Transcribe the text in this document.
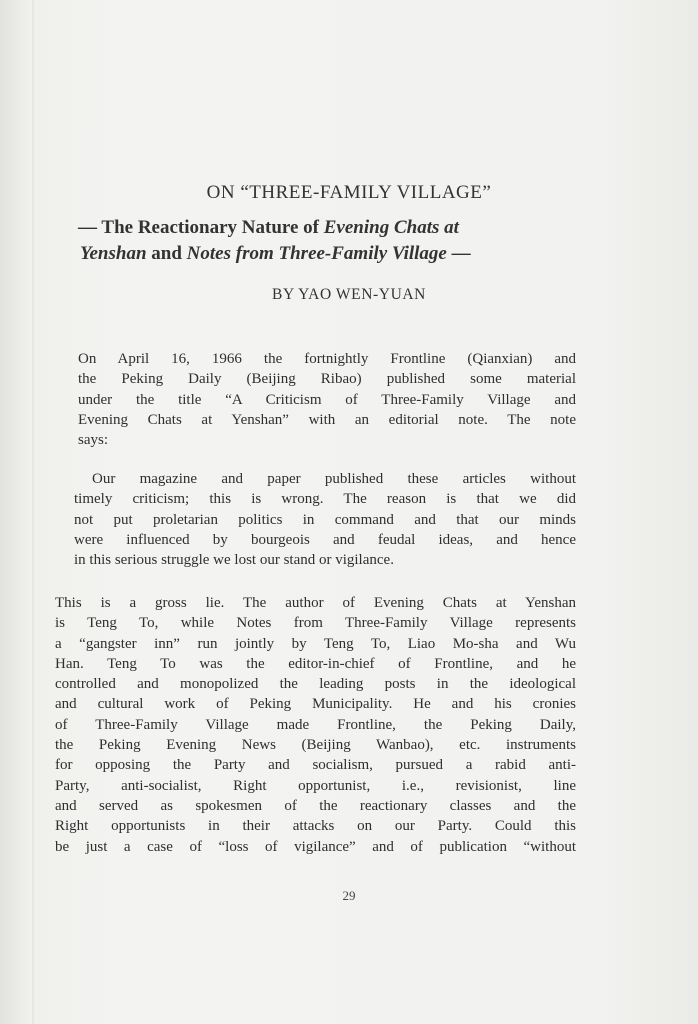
ON “THREE-FAMILY VILLAGE”
— The Reactionary Nature of Evening Chats at
Yenshan and Notes from Three-Family Village —
BY YAO WEN-YUAN
On April 16, 1966 the fortnightly Frontline (Qianxian) and
the Peking Daily (Beijing Ribao) published some material
under the title “A Criticism of Three-Family Village and
Evening Chats at Yenshan” with an editorial note. The note
says:
Our magazine and paper published these articles without
timely criticism; this is wrong. The reason is that we did
not put proletarian politics in command and that our minds
were influenced by bourgeois and feudal ideas, and hence
in this serious struggle we lost our stand or vigilance.
This is a gross lie. The author of Evening Chats at Yenshan
is Teng To, while Notes from Three-Family Village represents
a “gangster inn” run jointly by Teng To, Liao Mo-sha and Wu
Han. Teng To was the editor-in-chief of Frontline, and he
controlled and monopolized the leading posts in the ideological
and cultural work of Peking Municipality. He and his cronies
of Three-Family Village made Frontline, the Peking Daily,
the Peking Evening News (Beijing Wanbao), etc. instruments
for opposing the Party and socialism, pursued a rabid anti-
Party, anti-socialist, Right opportunist, i.e., revisionist, line
and served as spokesmen of the reactionary classes and the
Right opportunists in their attacks on our Party. Could this
be just a case of “loss of vigilance” and of publication “without
29
